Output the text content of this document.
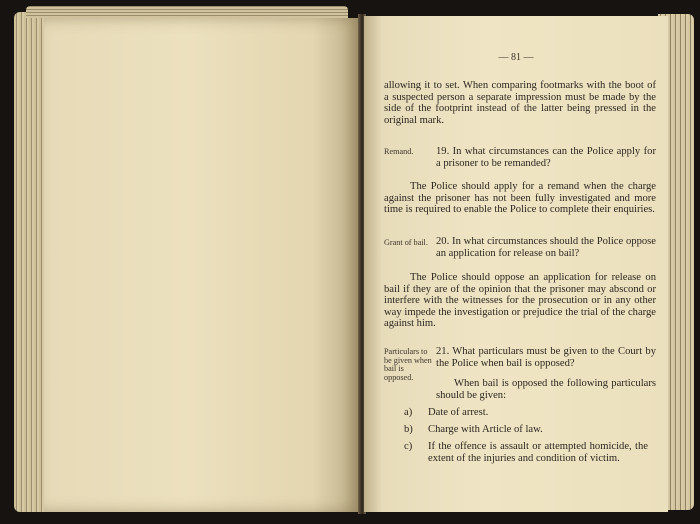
— 81 —
allowing it to set. When comparing footmarks with the boot of a suspected person a separate impression must be made by the side of the footprint instead of the latter being pressed in the original mark.
Remand. 19. In what circumstances can the Police apply for a prisoner to be remanded?
The Police should apply for a remand when the charge against the prisoner has not been fully investigated and more time is required to enable the Police to complete their enquiries.
Grant of bail. 20. In what circumstances should the Police oppose an application for release on bail?
The Police should oppose an application for release on bail if they are of the opinion that the prisoner may abscond or interfere with the witnesses for the prosecution or in any other way impede the investigation or prejudice the trial of the charge against him.
Particulars to be given when bail is opposed.
21. What particulars must be given to the Court by the Police when bail is opposed?
When bail is opposed the following particulars should be given:
a) Date of arrest.
b) Charge with Article of law.
c) If the offence is assault or attempted homicide, the extent of the injuries and condition of victim.
